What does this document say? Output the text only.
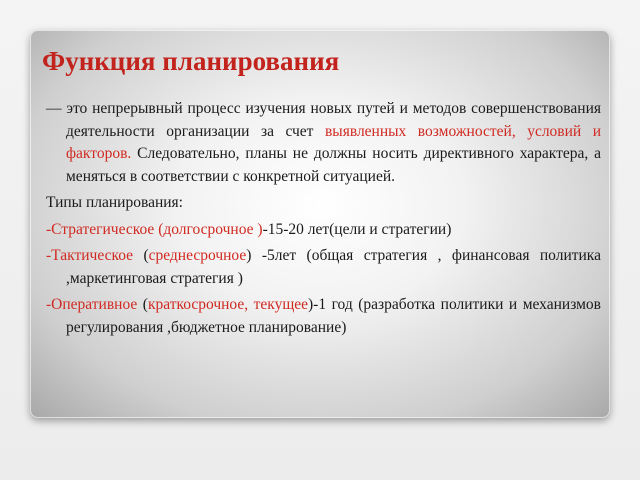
Функция планирования

— это непрерывный процесс изучения новых путей и методов совершенствования деятельности организации за счет выявленных возможностей, условий и факторов. Следовательно, планы не должны носить директивного характера, а меняться в соответствии с конкретной ситуацией.

Типы планирования:

-Стратегическое (долгосрочное )-15-20 лет(цели и стратегии)

-Тактическое (среднесрочное) -5лет (общая стратегия , финансовая политика ,маркетинговая стратегия )

-Оперативное (краткосрочное, текущее)-1 год (разработка политики и механизмов регулирования ,бюджетное планирование)
